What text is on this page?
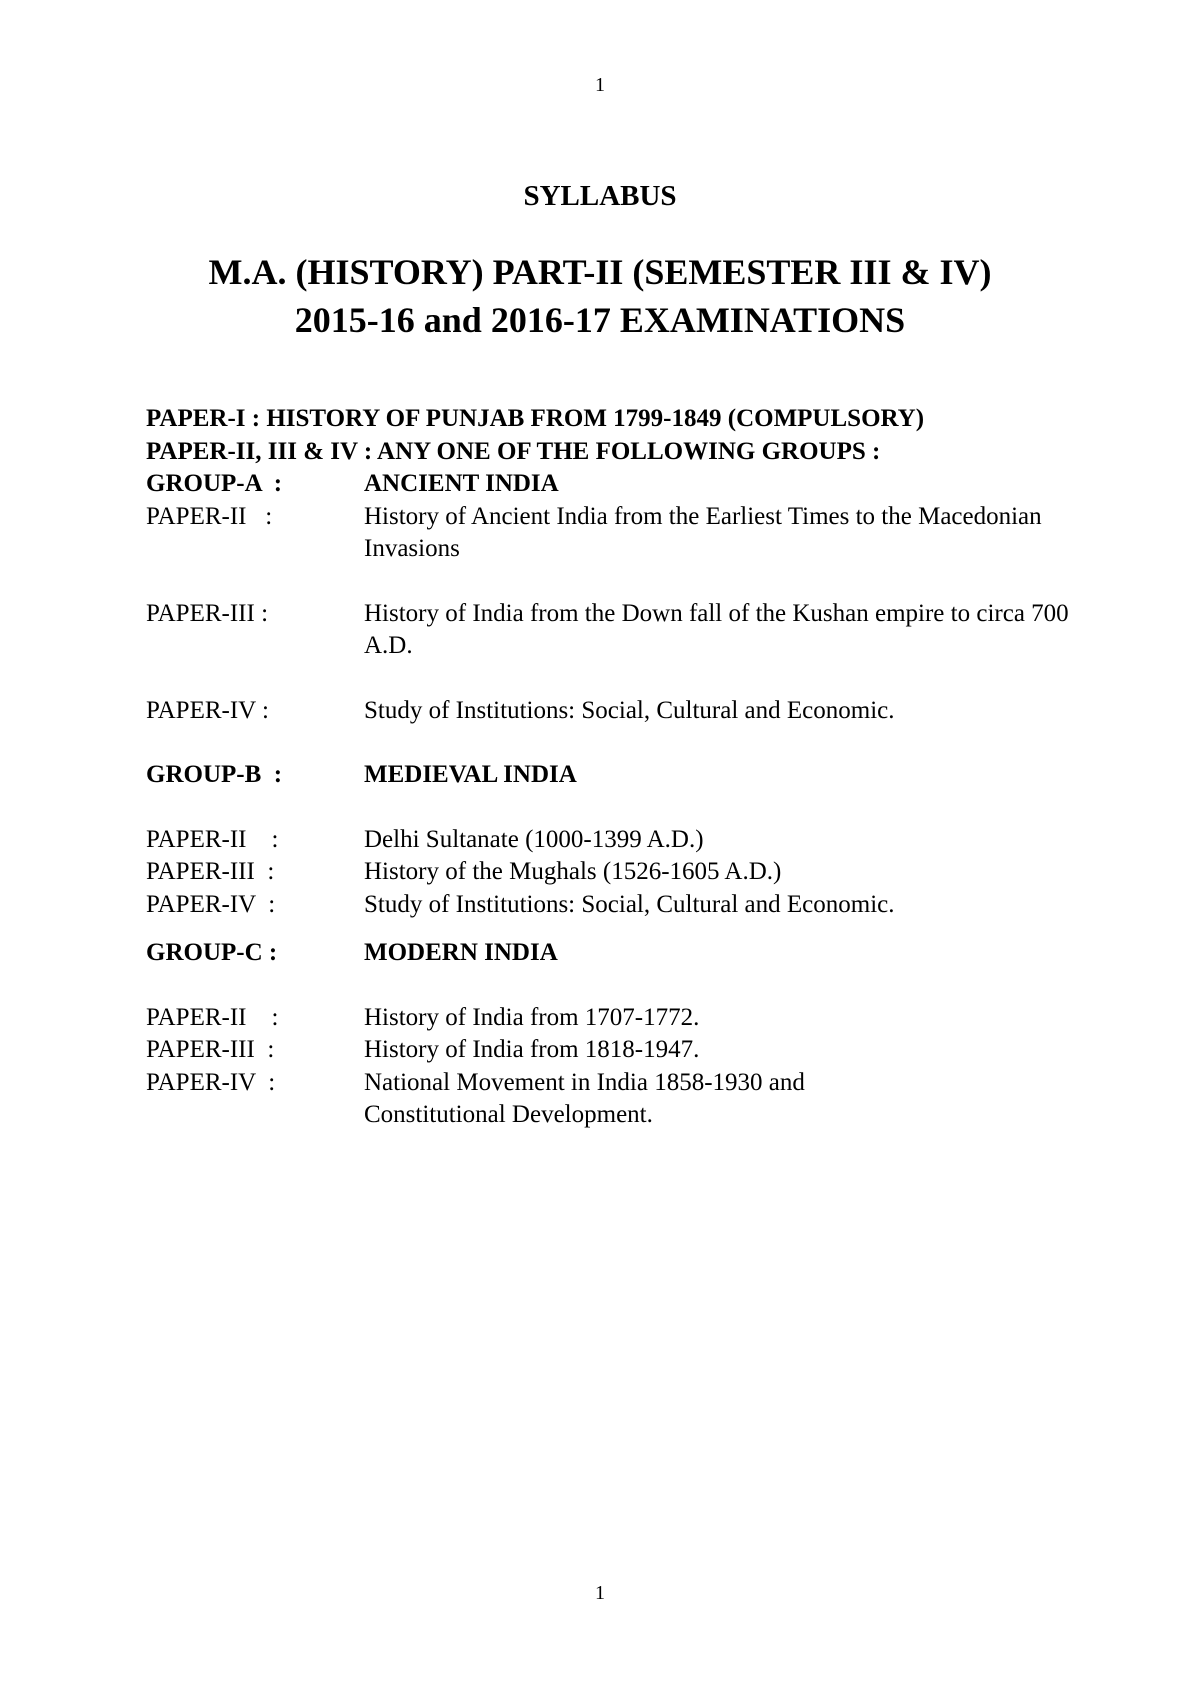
1
SYLLABUS
M.A. (HISTORY) PART-II (SEMESTER III & IV)
2015-16 and 2016-17 EXAMINATIONS
PAPER-I : HISTORY OF PUNJAB FROM 1799-1849 (COMPULSORY)
PAPER-II, III & IV : ANY ONE OF THE FOLLOWING GROUPS :
GROUP-A  :	ANCIENT INDIA
PAPER-II   :	History of Ancient India from the Earliest Times to the Macedonian Invasions
PAPER-III :	History of India from the Down fall of the Kushan empire to circa 700 A.D.
PAPER-IV :	Study of Institutions: Social, Cultural and Economic.
GROUP-B  :	MEDIEVAL INDIA
PAPER-II    :	Delhi Sultanate (1000-1399 A.D.)
PAPER-III  :	History of the Mughals (1526-1605 A.D.)
PAPER-IV  :	Study of Institutions: Social, Cultural and Economic.
GROUP-C :	MODERN INDIA
PAPER-II    :	History of India from 1707-1772.
PAPER-III  :	History of India from 1818-1947.
PAPER-IV  :	National Movement in India 1858-1930 and Constitutional Development.
1
